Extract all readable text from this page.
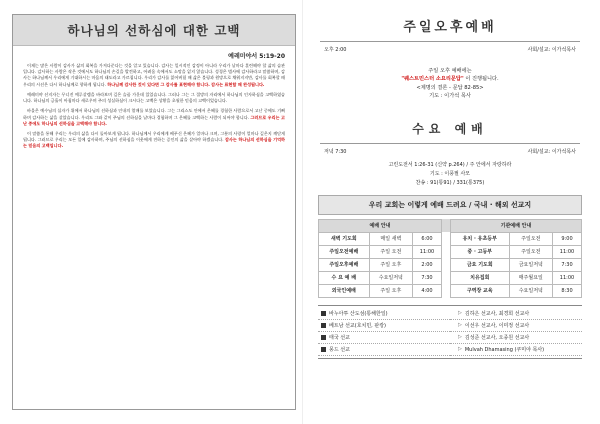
하나님의 선하심에 대한 고백
예레미야서 5:19-20

이제는 많은 사람이 감사가 삶의 회복을 가져다준다는 것을 알고 있습니다. 감사는 일시적인 감정이 아니라 우리가 날마다 훈련해야 할 삶의 습관입니다. 감사하는 사람은 작은 것에서도 하나님의 손길을 발견하고, 어려움 속에서도 소망을 잃지 않습니다. 성경은 범사에 감사하라고 말씀하며, 감사는 하나님께서 우리에게 기대하시는 마음의 태도라고 가르칩니다. 우리가 감사를 잃어버릴 때 삶은 불평과 원망으로 채워지지만, 감사를 회복할 때 우리의 시선은 다시 하나님께로 향하게 됩니다. 하나님께 감사한 것이 있다면 그 감사를 표현해야 합니다. 감사는 표현할 때 완성됩니다.

예레미야 선지자는 무너진 예루살렘을 바라보며 깊은 슬픔 가운데 있었습니다. 그러나 그는 그 절망의 자리에서 하나님의 인자하심을 고백하였습니다. 하나님의 긍휼이 아침마다 새로우며 주의 성실하심이 크시다는 고백은 상황을 초월한 믿음의 고백이었습니다.

바울은 예수님의 십자가 위에서 하나님의 선하심과 인내의 열매를 보았습니다. 그는 그리스도 안에서 은혜를 경험한 사람으로서 고난 중에도 기뻐하며 감사하는 삶을 살았습니다. 우리도 그와 같이 주님의 선하심을 날마다 경험하며 그 은혜를 고백하는 사람이 되어야 합니다. 그러므로 우리는 고난 중에도 하나님의 선하심을 고백해야 합니다.

이 말씀을 통해 우리는 우리의 삶을 다시 돌아보게 됩니다. 하나님께서 우리에게 베푸신 은혜가 얼마나 크며, 그분의 사랑이 얼마나 깊은지 깨닫게 됩니다. 그러므로 우리는 모든 일에 감사하며, 주님의 선하심을 이웃에게 전하는 증인의 삶을 살아야 하겠습니다. 감사는 하나님의 선하심을 기억하는 믿음의 고백입니다.

주일오후예배
오후 2:00	사회/설교: 이가석목사
주일 오후 예배에는
"퀘스트민스터 소요리문답" 이 진행됩니다.
<제명의 결론 - 문답 82-85>
기도 : 이가석 목사
수요 예배
저녁 7:30	사회/설교: 이가석목사
고린도전서 1:26-31 (신약 p.264) / 주 안에서 자랑하라
기도 : 이풍필 사모
찬송 : 91(통91) / 331(통375)
우리 교회는 이렇게 예배 드려요 / 국내 · 해외 선교지
예배 안내				기관예배 안내		
새벽 기도회	매일 새벽	6:00		유치 · 유초등부	주일오전	9:00
주일오전예배	주일 오전	11:00		중 · 고등부	주일오전	11:00
주일오후예배	주일 오후	2:00		금요 기도회	금요일저녁	7:30
수 요 예 배	수요일저녁	7:30		치유집회	매주월요일	11:00
외국인예배	주일 오후	4:00		구역장 교육	수요일저녁	8:30
바누아투 산도섬(통해한일)
베트남 선교(호치민, 판캉)
태국 선교
몽드 선교
▷ 김하은 선교사, 최경희 선교사
▷ 이선우 선교사, 이미정 선교사
▷ 김성준 선교사, 오종원 선교사
▷ Mulvah Dhamasing (쿠미야 목사)
